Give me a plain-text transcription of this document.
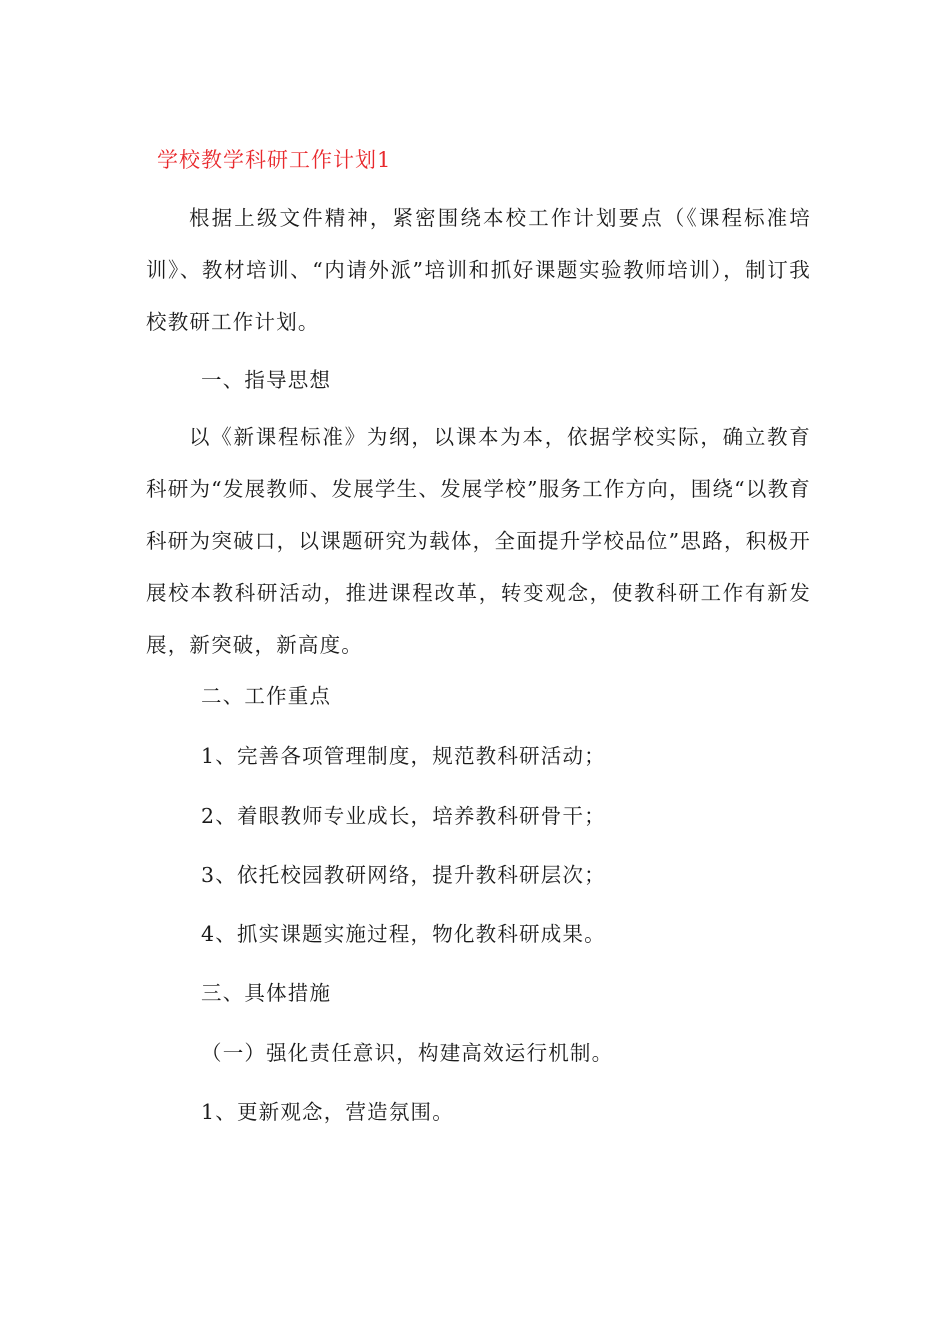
学校教学科研工作计划1

根据上级文件精神，紧密围绕本校工作计划要点（《课程标准培训》、教材培训、“内请外派”培训和抓好课题实验教师培训），制订我校教研工作计划。

一、指导思想

以《新课程标准》为纲，以课本为本，依据学校实际，确立教育科研为“发展教师、发展学生、发展学校”服务工作方向，围绕“以教育科研为突破口，以课题研究为载体，全面提升学校品位”思路，积极开展校本教科研活动，推进课程改革，转变观念，使教科研工作有新发展，新突破，新高度。

二、工作重点

1、完善各项管理制度，规范教科研活动；

2、着眼教师专业成长，培养教科研骨干；

3、依托校园教研网络，提升教科研层次；

4、抓实课题实施过程，物化教科研成果。

三、具体措施

（一）强化责任意识，构建高效运行机制。

1、更新观念，营造氛围。
